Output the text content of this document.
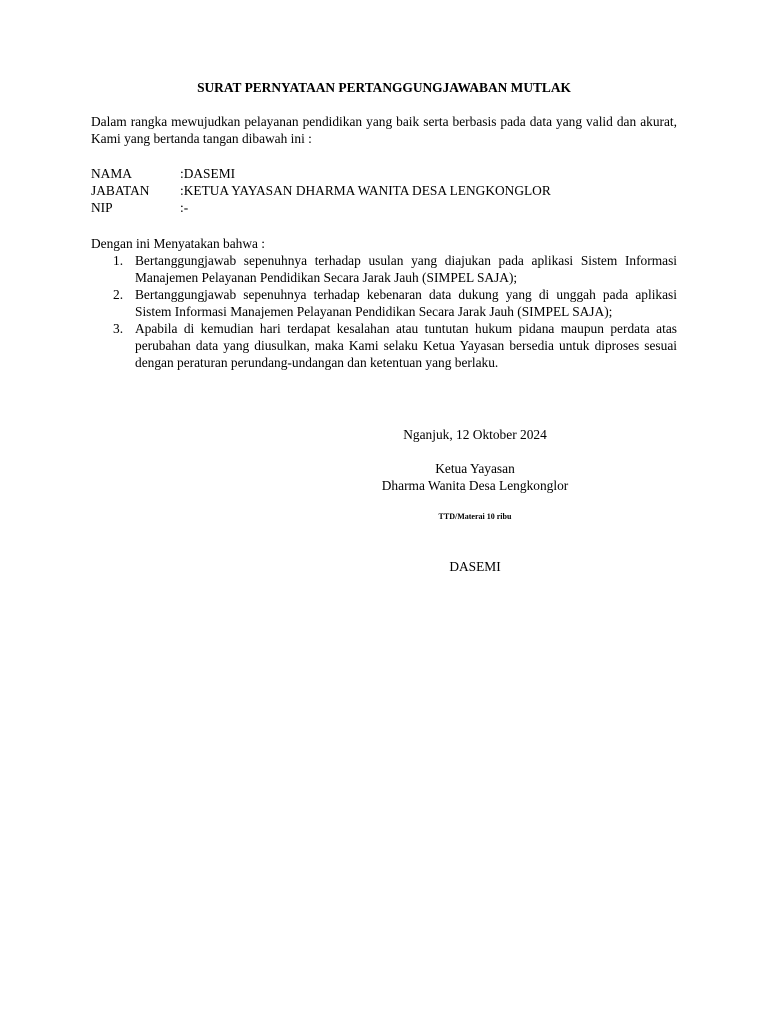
SURAT PERNYATAAN PERTANGGUNGJAWABAN MUTLAK
Dalam rangka mewujudkan pelayanan pendidikan yang baik serta berbasis pada data yang valid dan akurat, Kami yang bertanda tangan dibawah ini :
NAMA	:DASEMI
JABATAN	:KETUA YAYASAN DHARMA WANITA DESA LENGKONGLOR
NIP	:-
Dengan ini Menyatakan bahwa :
1. Bertanggungjawab sepenuhnya terhadap usulan yang diajukan pada aplikasi Sistem Informasi Manajemen Pelayanan Pendidikan Secara Jarak Jauh (SIMPEL SAJA);
2. Bertanggungjawab sepenuhnya terhadap kebenaran data dukung yang di unggah pada aplikasi Sistem Informasi Manajemen Pelayanan Pendidikan Secara Jarak Jauh (SIMPEL SAJA);
3. Apabila di kemudian hari terdapat kesalahan atau tuntutan hukum pidana maupun perdata atas perubahan data yang diusulkan, maka Kami selaku Ketua Yayasan bersedia untuk diproses sesuai dengan peraturan perundang-undangan dan ketentuan yang berlaku.
Nganjuk, 12 Oktober 2024
Ketua Yayasan
Dharma Wanita Desa Lengkonglor
TTD/Materai 10 ribu
DASEMI
